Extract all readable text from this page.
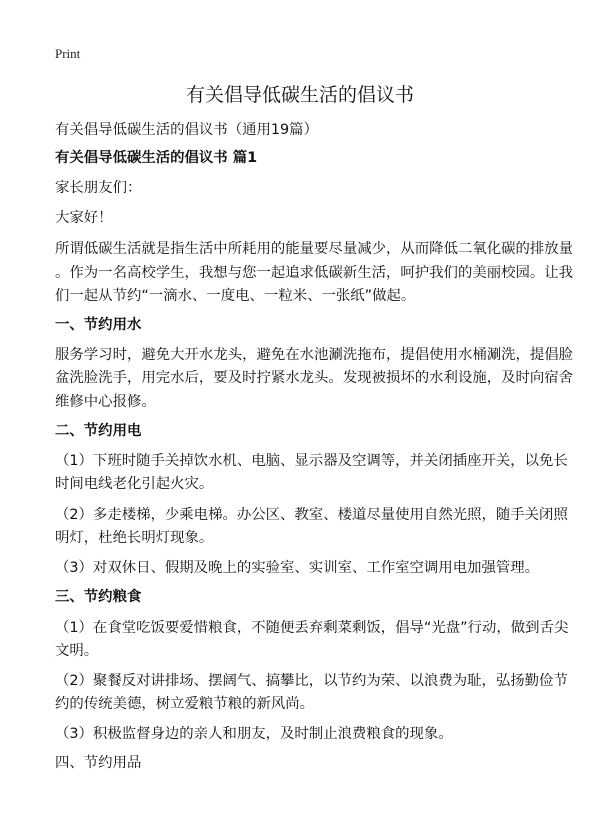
Print
有关倡导低碳生活的倡议书
有关倡导低碳生活的倡议书（通用19篇）
有关倡导低碳生活的倡议书 篇1
家长朋友们：
大家好！
所谓低碳生活就是指生活中所耗用的能量要尽量减少，从而降低二氧化碳的排放量
。作为一名高校学生，我想与您一起追求低碳新生活，呵护我们的美丽校园。让我
们一起从节约“一滴水、一度电、一粒米、一张纸”做起。
一、节约用水
服务学习时，避免大开水龙头，避免在水池涮洗拖布，提倡使用水桶涮洗，提倡脸
盆洗脸洗手，用完水后，要及时拧紧水龙头。发现被损坏的水利设施，及时向宿舍
维修中心报修。
二、节约用电
（1）下班时随手关掉饮水机、电脑、显示器及空调等，并关闭插座开关，以免长
时间电线老化引起火灾。
（2）多走楼梯，少乘电梯。办公区、教室、楼道尽量使用自然光照，随手关闭照
明灯，杜绝长明灯现象。
（3）对双休日、假期及晚上的实验室、实训室、工作室空调用电加强管理。
三、节约粮食
（1）在食堂吃饭要爱惜粮食，不随便丢弃剩菜剩饭，倡导“光盘”行动，做到舌尖
文明。
（2）聚餐反对讲排场、摆阔气、搞攀比，以节约为荣、以浪费为耻，弘扬勤俭节
约的传统美德，树立爱粮节粮的新风尚。
（3）积极监督身边的亲人和朋友，及时制止浪费粮食的现象。
四、节约用品
